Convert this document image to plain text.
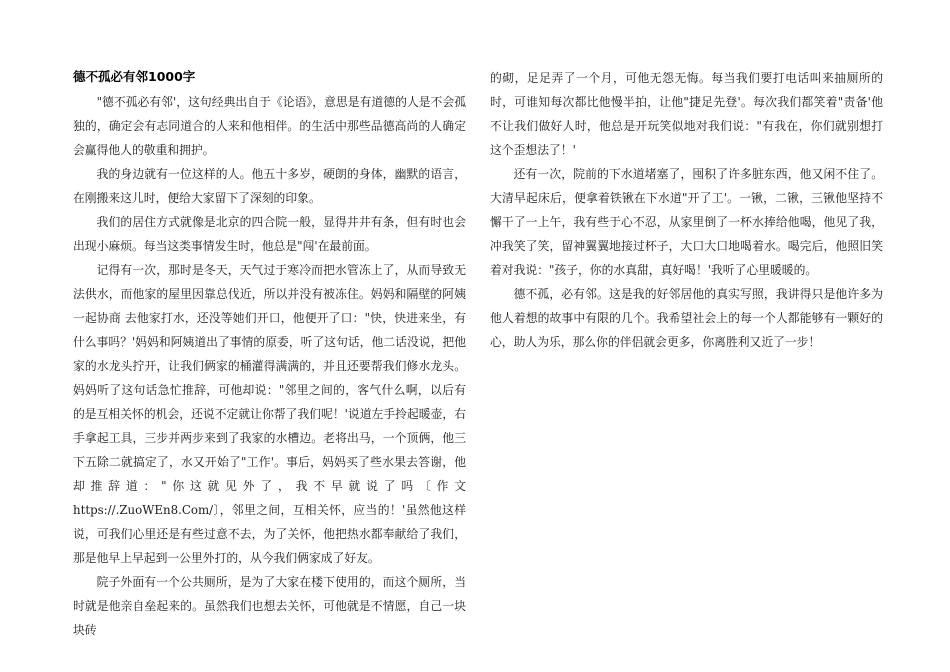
德不孤必有邻1000字

"德不孤必有邻'，这句经典出自于《论语》，意思是有道德的人是不会孤独的，确定会有志同道合的人来和他相伴。的生活中那些品德高尚的人确定会赢得他人的敬重和拥护。

我的身边就有一位这样的人。他五十多岁，硬朗的身体，幽默的语言，在刚搬来这儿时，便给大家留下了深刻的印象。

我们的居住方式就像是北京的四合院一般，显得井井有条，但有时也会出现小麻烦。每当这类事情发生时，他总是"闯'在最前面。

记得有一次，那时是冬天，天气过于寒冷而把水管冻上了，从而导致无法供水，而他家的屋里因靠总伐近，所以并没有被冻住。妈妈和隔壁的阿姨一起协商 去他家打水，还没等她们开口，他便开了口："快，快进来坐，有什么事吗？'妈妈和阿姨道出了事情的原委，听了这句话，他二话没说，把他家的水龙头拧开，让我们俩家的桶灌得满满的，并且还要帮我们修水龙头。妈妈听了这句话急忙推辞，可他却说："邻里之间的，客气什么啊，以后有的是互相关怀的机会，还说不定就让你帮了我们呢！'说道左手拎起暖壶，右手拿起工具，三步并两步来到了我家的水槽边。老将出马，一个顶俩，他三下五除二就搞定了，水又开始了"工作'。事后，妈妈买了些水果去答谢，他却推辞道："你这就见外了，我不早就说了吗〔作文https://.ZuoWEn8.Com/〕，邻里之间，互相关怀，应当的！'虽然他这样说，可我们心里还是有些过意不去，为了关怀，他把热水都奉献给了我们，那是他早上早起到一公里外打的，从今我们俩家成了好友。

院子外面有一个公共厕所，是为了大家在楼下使用的，而这个厕所，当时就是他亲自垒起来的。虽然我们也想去关怀，可他就是不情愿，自己一块块砖

的砌，足足弄了一个月，可他无怨无悔。每当我们要打电话叫来抽厕所的时，可谁知每次都比他慢半拍，让他"捷足先登'。每次我们都笑着"责备'他不让我们做好人时，他总是开玩笑似地对我们说："有我在，你们就别想打这个歪想法了！'

还有一次，院前的下水道堵塞了，囤积了许多脏东西，他又闲不住了。大清早起床后，便拿着铁锹在下水道"开了工'。一锹，二锹，三锹他坚持不懈干了一上午，我有些于心不忍，从家里倒了一杯水捧给他喝，他见了我，冲我笑了笑，留神翼翼地接过杯子，大口大口地喝着水。喝完后，他照旧笑着对我说："孩子，你的水真甜，真好喝！'我听了心里暖暖的。

德不孤，必有邻。这是我的好邻居他的真实写照，我讲得只是他许多为他人着想的故事中有限的几个。我希望社会上的每一个人都能够有一颗好的心，助人为乐，那么你的伴侣就会更多，你离胜利又近了一步！
